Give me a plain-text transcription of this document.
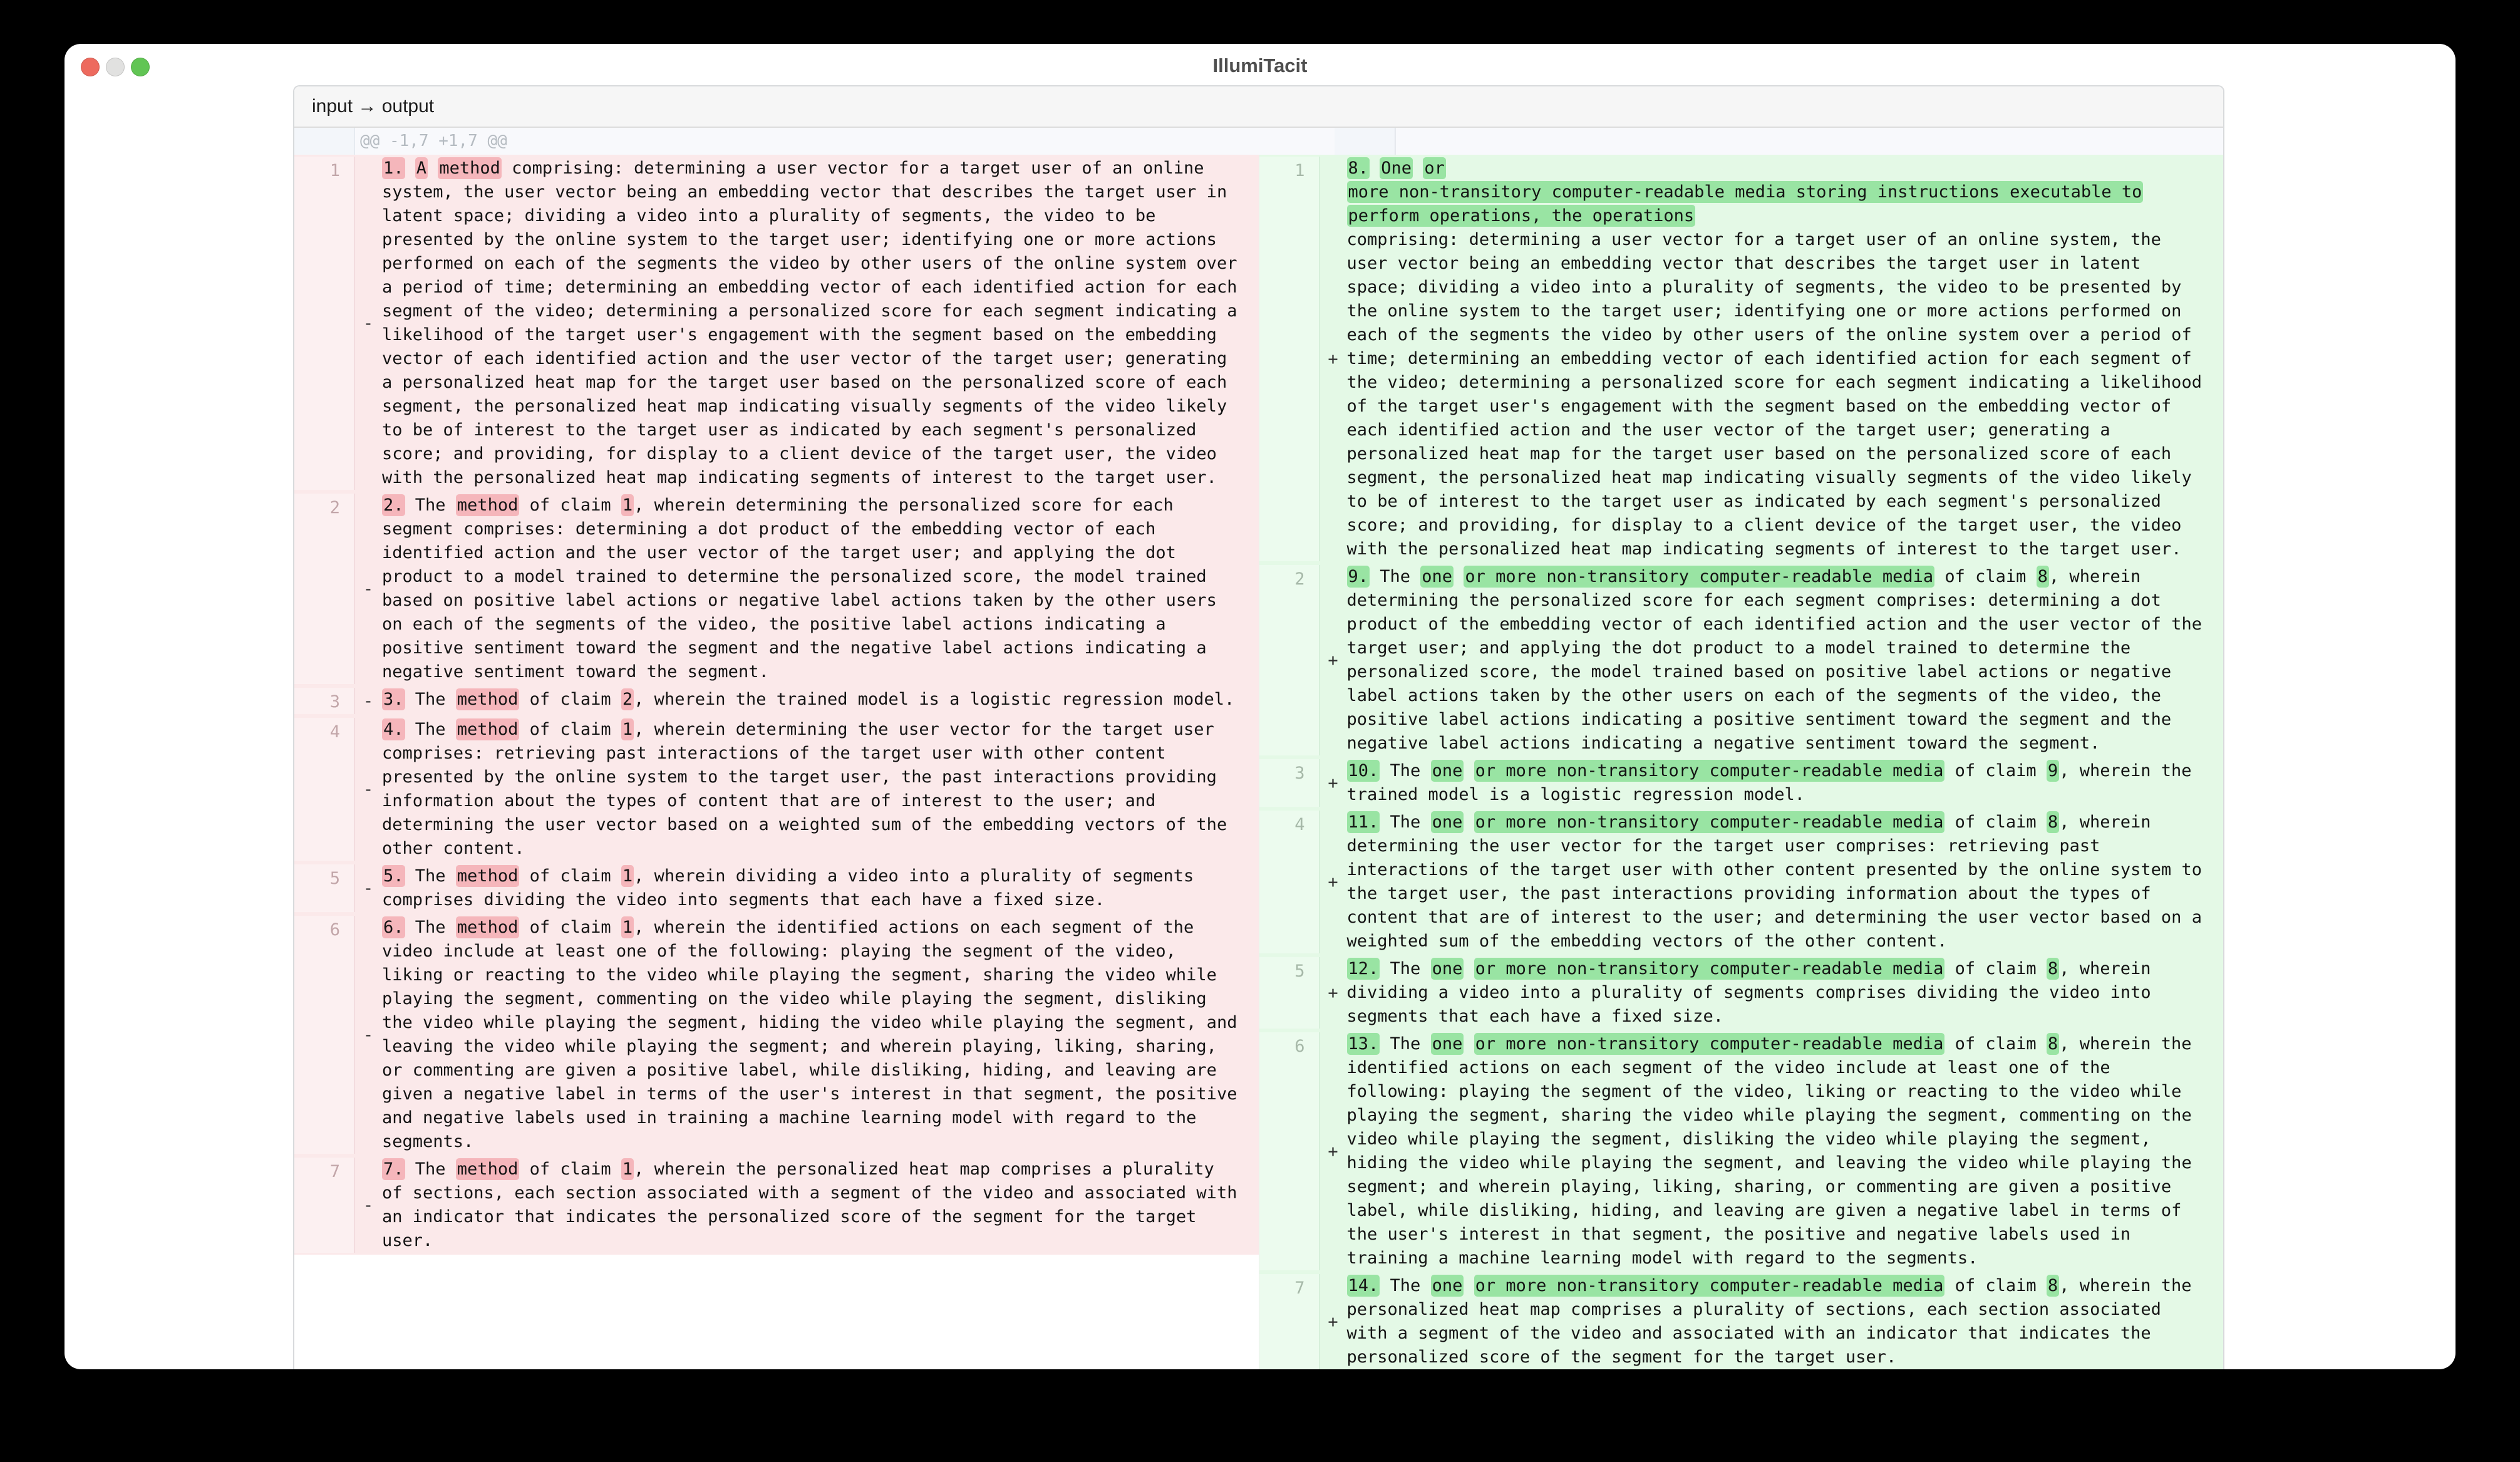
IllumiTacit
input → output
@@ -1,7 +1,7 @@
1
-
1. A method comprising: determining a user vector for a target user of an online system, the user vector being an embedding vector that describes the target user in latent space; dividing a video into a plurality of segments, the video to be presented by the online system to the target user; identifying one or more actions performed on each of the segments the video by other users of the online system over a period of time; determining an embedding vector of each identified action for each segment of the video; determining a personalized score for each segment indicating a likelihood of the target user's engagement with the segment based on the embedding vector of each identified action and the user vector of the target user; generating a personalized heat map for the target user based on the personalized score of each segment, the personalized heat map indicating visually segments of the video likely to be of interest to the target user as indicated by each segment's personalized score; and providing, for display to a client device of the target user, the video with the personalized heat map indicating segments of interest to the target user.
2
-
2. The method of claim 1, wherein determining the personalized score for each segment comprises: determining a dot product of the embedding vector of each identified action and the user vector of the target user; and applying the dot product to a model trained to determine the personalized score, the model trained based on positive label actions or negative label actions taken by the other users on each of the segments of the video, the positive label actions indicating a positive sentiment toward the segment and the negative label actions indicating a negative sentiment toward the segment.
3	- 3. The method of claim 2, wherein the trained model is a logistic regression model.
4
-
4. The method of claim 1, wherein determining the user vector for the target user comprises: retrieving past interactions of the target user with other content presented by the online system to the target user, the past interactions providing information about the types of content that are of interest to the user; and determining the user vector based on a weighted sum of the embedding vectors of the other content.
5	-
5. The method of claim 1, wherein dividing a video into a plurality of segments comprises dividing the video into segments that each have a fixed size.
6
-
6. The method of claim 1, wherein the identified actions on each segment of the video include at least one of the following: playing the segment of the video, liking or reacting to the video while playing the segment, sharing the video while playing the segment, commenting on the video while playing the segment, disliking the video while playing the segment, hiding the video while playing the segment, and leaving the video while playing the segment; and wherein playing, liking, sharing, or commenting are given a positive label, while disliking, hiding, and leaving are given a negative label in terms of the user's interest in that segment, the positive and negative labels used in training a machine learning model with regard to the segments.
7
-
7. The method of claim 1, wherein the personalized heat map comprises a plurality of sections, each section associated with a segment of the video and associated with an indicator that indicates the personalized score of the segment for the target user.
1
+
8. One or
more non-transitory computer-readable media storing instructions executable to perform operations, the operations
comprising: determining a user vector for a target user of an online system, the user vector being an embedding vector that describes the target user in latent space; dividing a video into a plurality of segments, the video to be presented by the online system to the target user; identifying one or more actions performed on each of the segments the video by other users of the online system over a period of time; determining an embedding vector of each identified action for each segment of the video; determining a personalized score for each segment indicating a likelihood of the target user's engagement with the segment based on the embedding vector of each identified action and the user vector of the target user; generating a personalized heat map for the target user based on the personalized score of each segment, the personalized heat map indicating visually segments of the video likely to be of interest to the target user as indicated by each segment's personalized score; and providing, for display to a client device of the target user, the video with the personalized heat map indicating segments of interest to the target user.
2
+
9. The one or more non-transitory computer-readable media of claim 8, wherein determining the personalized score for each segment comprises: determining a dot product of the embedding vector of each identified action and the user vector of the target user; and applying the dot product to a model trained to determine the personalized score, the model trained based on positive label actions or negative label actions taken by the other users on each of the segments of the video, the positive label actions indicating a positive sentiment toward the segment and the negative label actions indicating a negative sentiment toward the segment.
3	+
10. The one or more non-transitory computer-readable media of claim 9, wherein the trained model is a logistic regression model.
4
+
11. The one or more non-transitory computer-readable media of claim 8, wherein determining the user vector for the target user comprises: retrieving past interactions of the target user with other content presented by the online system to the target user, the past interactions providing information about the types of content that are of interest to the user; and determining the user vector based on a weighted sum of the embedding vectors of the other content.
5
+
12. The one or more non-transitory computer-readable media of claim 8, wherein dividing a video into a plurality of segments comprises dividing the video into segments that each have a fixed size.
6
+
13. The one or more non-transitory computer-readable media of claim 8, wherein the identified actions on each segment of the video include at least one of the following: playing the segment of the video, liking or reacting to the video while playing the segment, sharing the video while playing the segment, commenting on the video while playing the segment, disliking the video while playing the segment, hiding the video while playing the segment, and leaving the video while playing the segment; and wherein playing, liking, sharing, or commenting are given a positive label, while disliking, hiding, and leaving are given a negative label in terms of the user's interest in that segment, the positive and negative labels used in training a machine learning model with regard to the segments.
7
+
14. The one or more non-transitory computer-readable media of claim 8, wherein the personalized heat map comprises a plurality of sections, each section associated with a segment of the video and associated with an indicator that indicates the personalized score of the segment for the target user.
